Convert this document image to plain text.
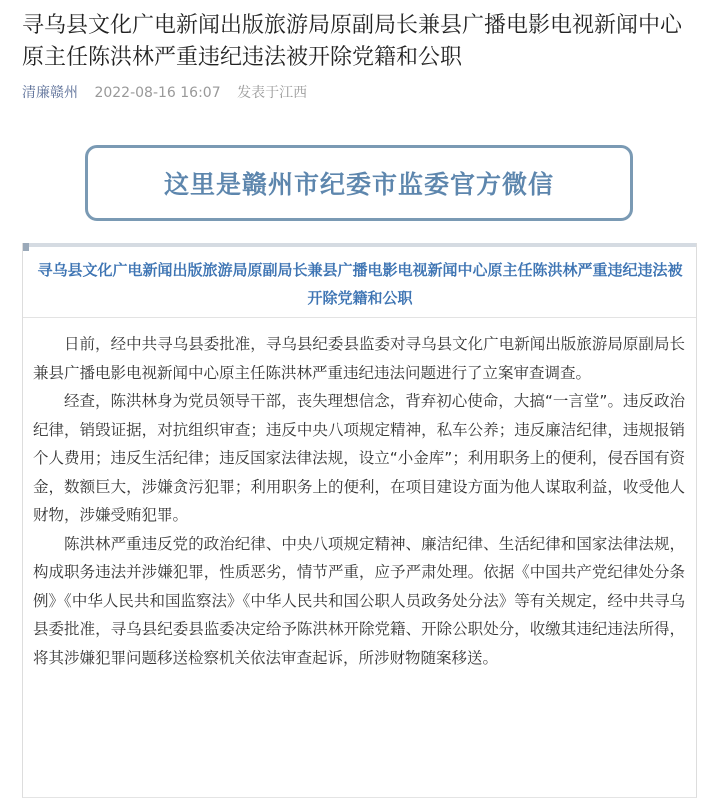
寻乌县文化广电新闻出版旅游局原副局长兼县广播电影电视新闻中心原主任陈洪林严重违纪违法被开除党籍和公职
清廉赣州 2022-08-16 16:07 发表于江西
这里是赣州市纪委市监委官方微信
寻乌县文化广电新闻出版旅游局原副局长兼县广播电影电视新闻中心原主任陈洪林严重违纪违法被开除党籍和公职

日前，经中共寻乌县委批准，寻乌县纪委县监委对寻乌县文化广电新闻出版旅游局原副局长兼县广播电影电视新闻中心原主任陈洪林严重违纪违法问题进行了立案审查调查。

经查，陈洪林身为党员领导干部，丧失理想信念，背弃初心使命，大搞“一言堂”。违反政治纪律，销毁证据，对抗组织审查；违反中央八项规定精神，私车公养；违反廉洁纪律，违规报销个人费用；违反生活纪律；违反国家法律法规，设立“小金库”；利用职务上的便利，侵吞国有资金，数额巨大，涉嫌贪污犯罪；利用职务上的便利，在项目建设方面为他人谋取利益，收受他人财物，涉嫌受贿犯罪。

陈洪林严重违反党的政治纪律、中央八项规定精神、廉洁纪律、生活纪律和国家法律法规，构成职务违法并涉嫌犯罪，性质恶劣，情节严重，应予严肃处理。依据《中国共产党纪律处分条例》《中华人民共和国监察法》《中华人民共和国公职人员政务处分法》等有关规定，经中共寻乌县委批准，寻乌县纪委县监委决定给予陈洪林开除党籍、开除公职处分，收缴其违纪违法所得，将其涉嫌犯罪问题移送检察机关依法审查起诉，所涉财物随案移送。
